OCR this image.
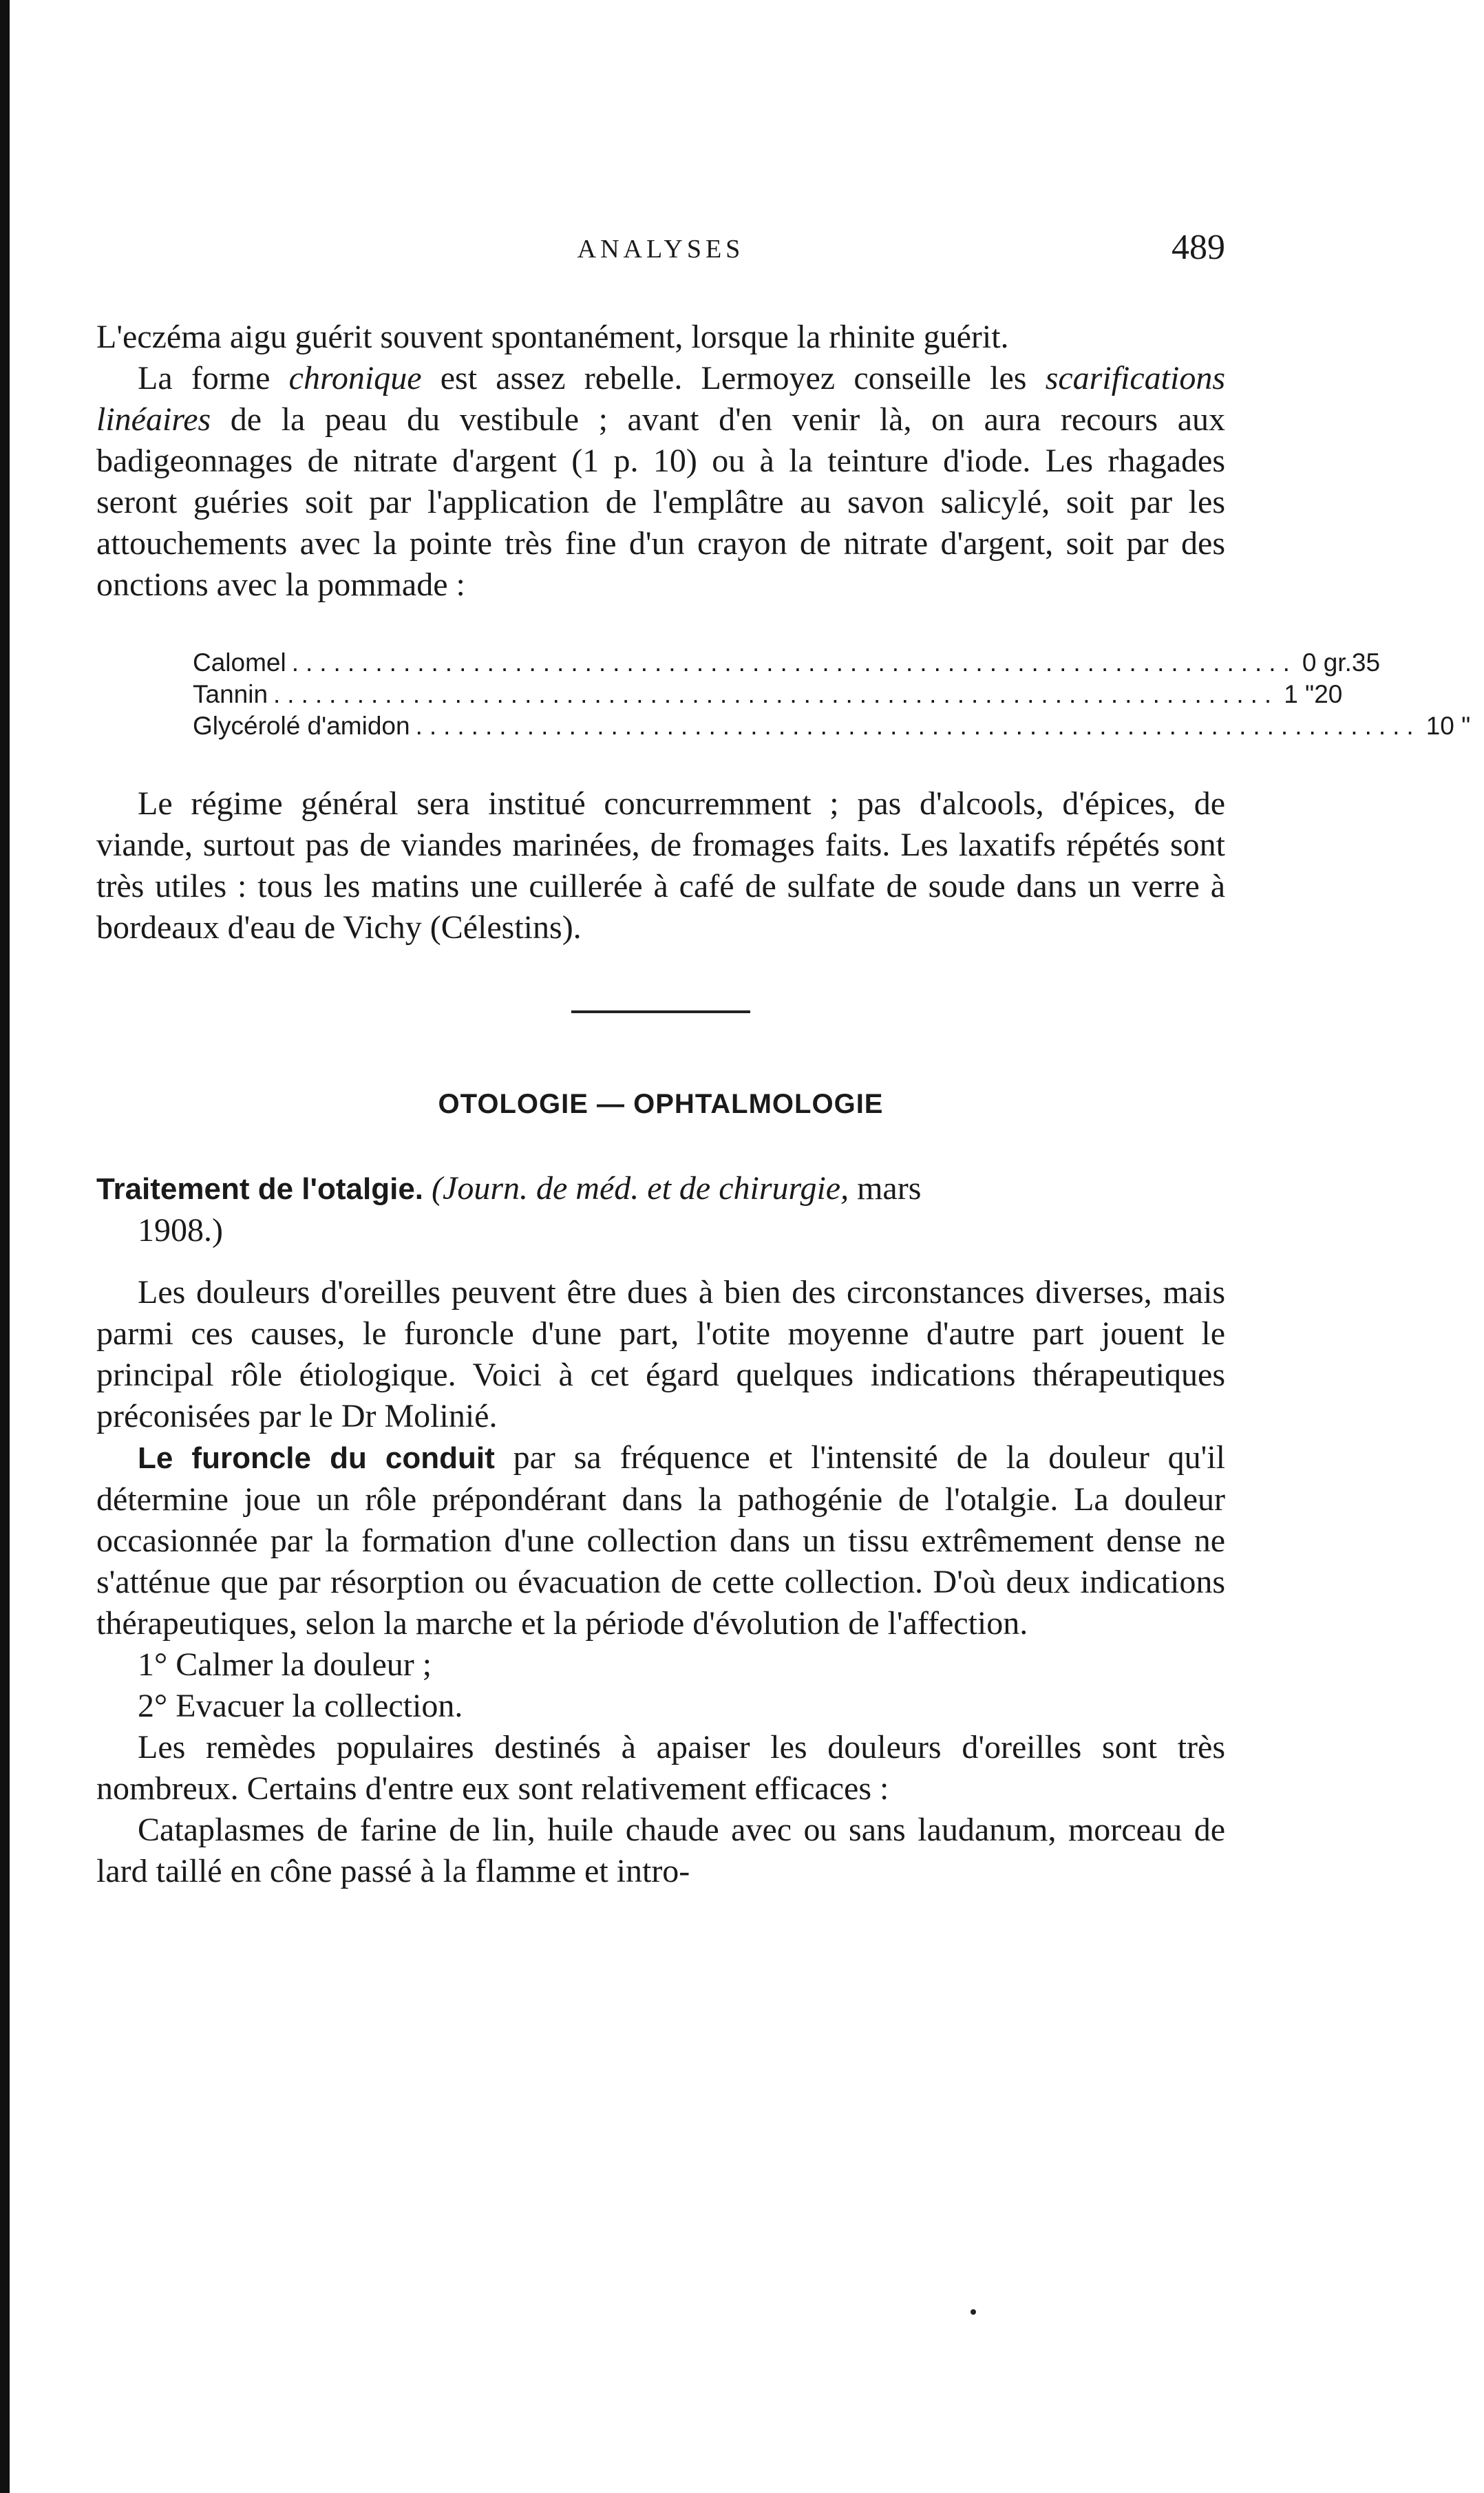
ANALYSES	489

L'eczéma aigu guérit souvent spontanément, lorsque la rhinite guérit.

La forme chronique est assez rebelle. Lermoyez conseille les scarifications linéaires de la peau du vestibule ; avant d'en venir là, on aura recours aux badigeonnages de nitrate d'argent (1 p. 10) ou à la teinture d'iode. Les rhagades seront guéries soit par l'application de l'emplâtre au savon salicylé, soit par les attouchements avec la pointe très fine d'un crayon de nitrate d'argent, soit par des onctions avec la pommade :

Calomel ........................................................................ 0 gr. 35
Tannin ........................................................................ 1 " 20
Glycérolé d'amidon ........................................................................ 10 "

Le régime général sera institué concurremment ; pas d'alcools, d'épices, de viande, surtout pas de viandes marinées, de fromages faits. Les laxatifs répétés sont très utiles : tous les matins une cuillerée à café de sulfate de soude dans un verre à bordeaux d'eau de Vichy (Célestins).

OTOLOGIE — OPHTALMOLOGIE

Traitement de l'otalgie. (Journ. de méd. et de chirurgie, mars
1908.)

Les douleurs d'oreilles peuvent être dues à bien des circonstances diverses, mais parmi ces causes, le furoncle d'une part, l'otite moyenne d'autre part jouent le principal rôle étiologique. Voici à cet égard quelques indications thérapeutiques préconisées par le Dr Molinié.

Le furoncle du conduit par sa fréquence et l'intensité de la douleur qu'il détermine joue un rôle prépondérant dans la pathogénie de l'otalgie. La douleur occasionnée par la formation d'une collection dans un tissu extrêmement dense ne s'atténue que par résorption ou évacuation de cette collection. D'où deux indications thérapeutiques, selon la marche et la période d'évolution de l'affection.

1° Calmer la douleur ;

2° Evacuer la collection.

Les remèdes populaires destinés à apaiser les douleurs d'oreilles sont très nombreux. Certains d'entre eux sont relativement efficaces :

Cataplasmes de farine de lin, huile chaude avec ou sans laudanum, morceau de lard taillé en cône passé à la flamme et intro-
